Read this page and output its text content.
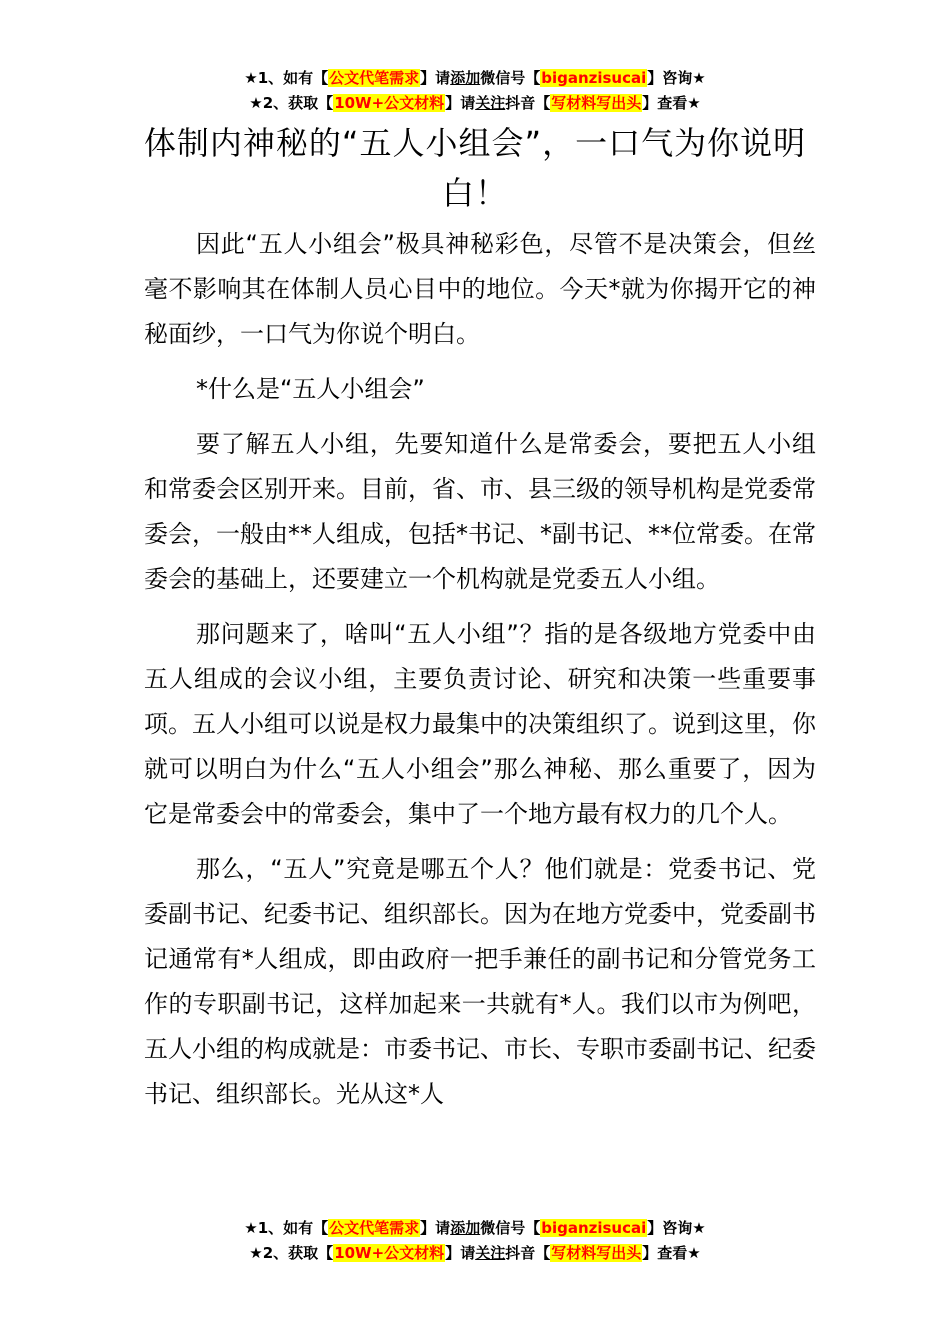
★1、如有【公文代笔需求】请添加微信号【biganzisucai】咨询★
★2、获取【10W+公文材料】请关注抖音【写材料写出头】查看★
体制内神秘的“五人小组会”，一口气为你说明白！

因此“五人小组会”极具神秘彩色，尽管不是决策会，但丝毫不影响其在体制人员心目中的地位。今天*就为你揭开它的神秘面纱，一口气为你说个明白。

*什么是“五人小组会”

要了解五人小组，先要知道什么是常委会，要把五人小组和常委会区别开来。目前，省、市、县三级的领导机构是党委常委会，一般由**人组成，包括*书记、*副书记、**位常委。在常委会的基础上，还要建立一个机构就是党委五人小组。

那问题来了，啥叫“五人小组”？指的是各级地方党委中由五人组成的会议小组，主要负责讨论、研究和决策一些重要事项。五人小组可以说是权力最集中的决策组织了。说到这里，你就可以明白为什么“五人小组会”那么神秘、那么重要了，因为它是常委会中的常委会，集中了一个地方最有权力的几个人。

那么，“五人”究竟是哪五个人？他们就是：党委书记、党委副书记、纪委书记、组织部长。因为在地方党委中，党委副书记通常有*人组成，即由政府一把手兼任的副书记和分管党务工作的专职副书记，这样加起来一共就有*人。我们以市为例吧，五人小组的构成就是：市委书记、市长、专职市委副书记、纪委书记、组织部长。光从这*人

★1、如有【公文代笔需求】请添加微信号【biganzisucai】咨询★
★2、获取【10W+公文材料】请关注抖音【写材料写出头】查看★
